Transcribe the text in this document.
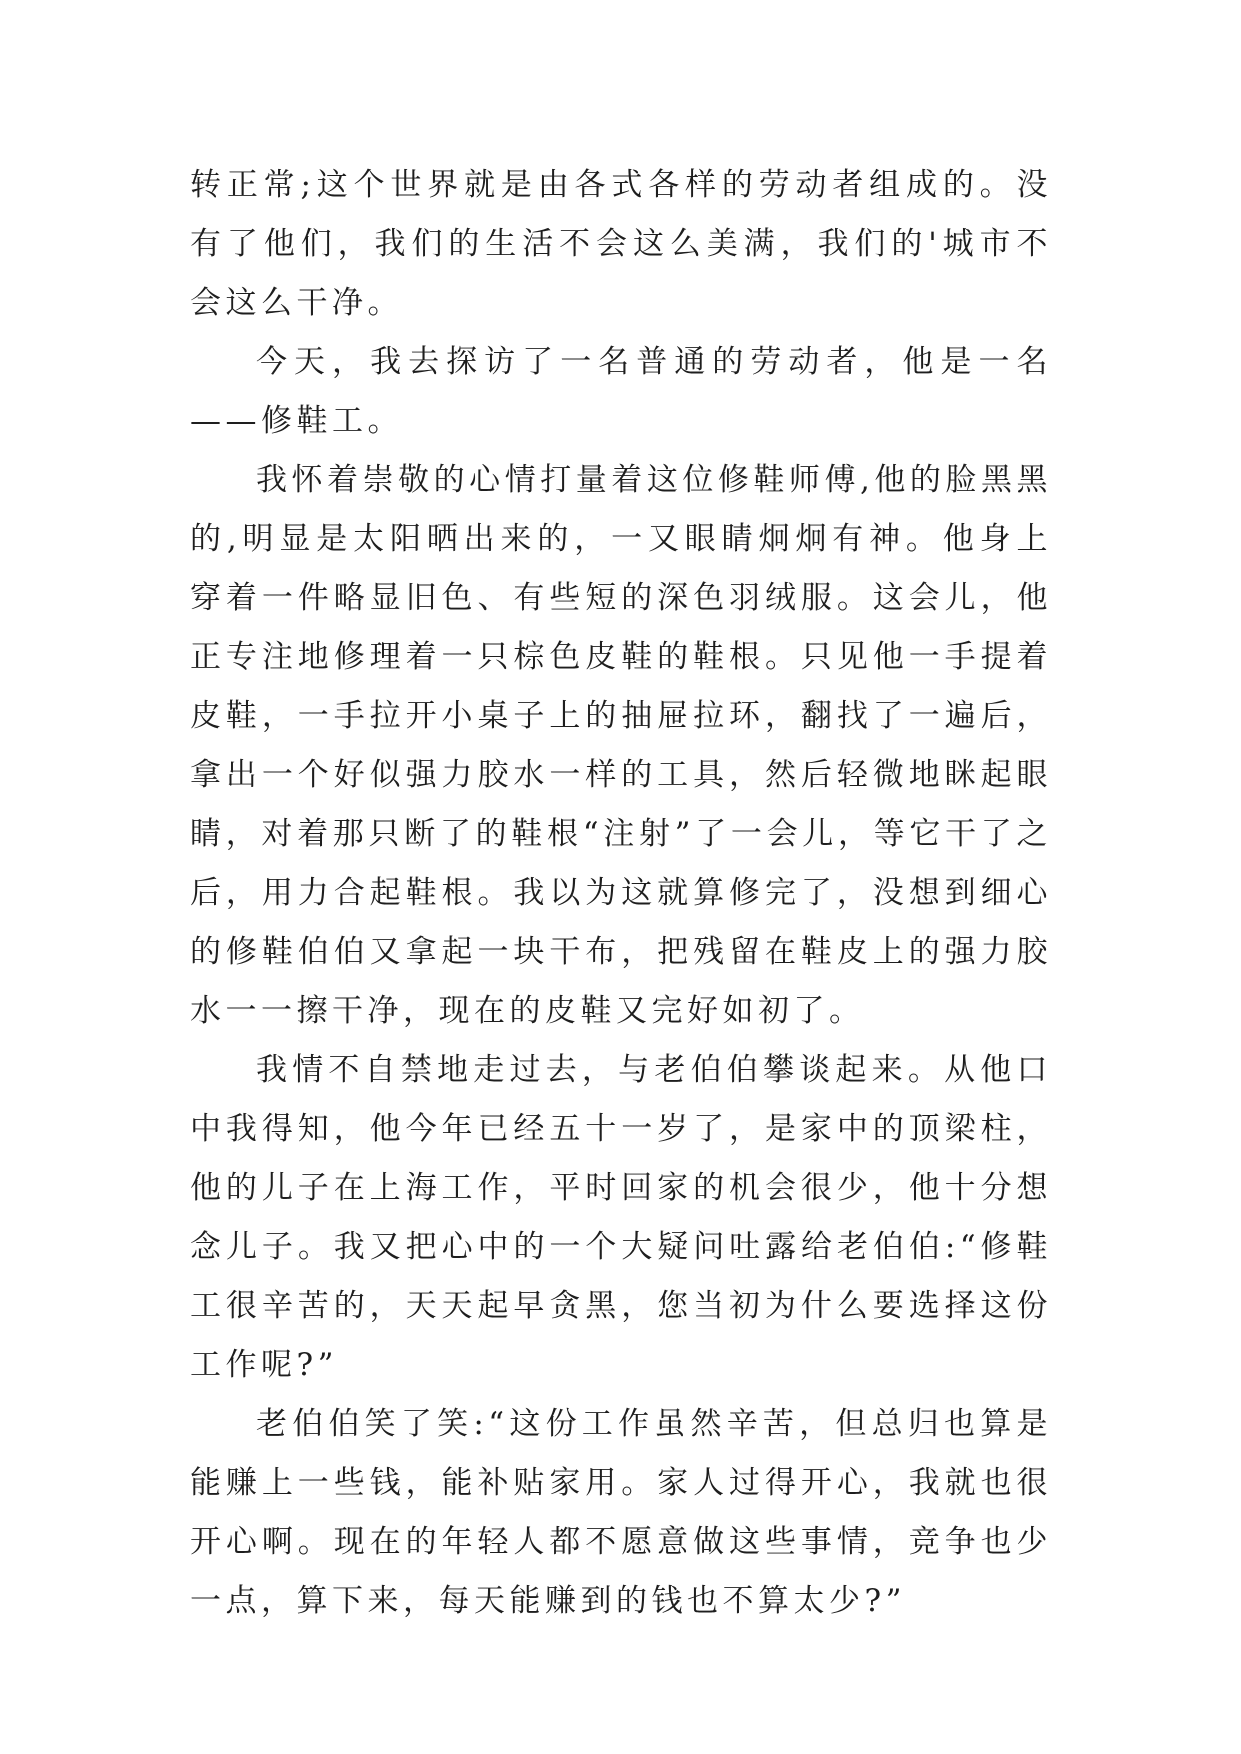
转正常;这个世界就是由各式各样的劳动者组成的。没有了他们，我们的生活不会这么美满，我们的'城市不会这么干净。

今天，我去探访了一名普通的劳动者，他是一名——修鞋工。

我怀着崇敬的心情打量着这位修鞋师傅,他的脸黑黑的,明显是太阳晒出来的，一又眼睛炯炯有神。他身上穿着一件略显旧色、有些短的深色羽绒服。这会儿，他正专注地修理着一只棕色皮鞋的鞋根。只见他一手提着皮鞋，一手拉开小桌子上的抽屉拉环，翻找了一遍后，拿出一个好似强力胶水一样的工具，然后轻微地眯起眼睛，对着那只断了的鞋根“注射”了一会儿，等它干了之后，用力合起鞋根。我以为这就算修完了，没想到细心的修鞋伯伯又拿起一块干布，把残留在鞋皮上的强力胶水一一擦干净，现在的皮鞋又完好如初了。

我情不自禁地走过去，与老伯伯攀谈起来。从他口中我得知，他今年已经五十一岁了，是家中的顶梁柱，他的儿子在上海工作，平时回家的机会很少，他十分想念儿子。我又把心中的一个大疑问吐露给老伯伯:“修鞋工很辛苦的，天天起早贪黑，您当初为什么要选择这份工作呢?”

老伯伯笑了笑:“这份工作虽然辛苦，但总归也算是能赚上一些钱，能补贴家用。家人过得开心，我就也很开心啊。现在的年轻人都不愿意做这些事情，竞争也少一点，算下来，每天能赚到的钱也不算太少?”
